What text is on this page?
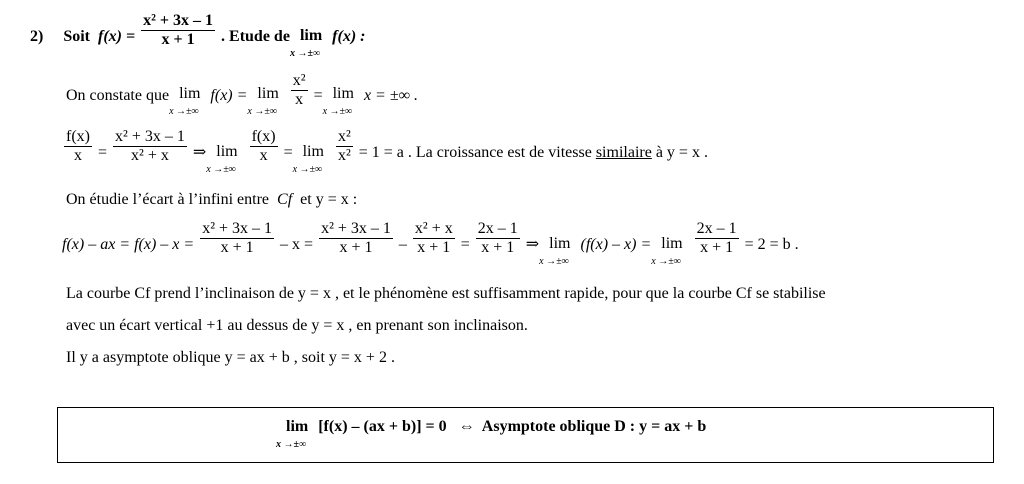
2) Soit $f(x) = \frac{\text{x² + 3x – 1}}{x + 1}$ . Etude de lim
x →±∞
f(x) :
On constate que lim
x →±∞
f(x) = lim
x →±∞

$\frac{\text{x²}}{x} = \lim$
x →±∞
x = ±∞ .
$\frac{f(x)}{x} = \frac{\text{x² + 3x – 1}}{\text{x² + x}}$ ⇒ lim
x →±∞

$\frac{f(x)}{x} = \lim$
x →±∞

$\frac{\text{x²}}{\text{x²}} = 1 = a$ . La croissance est de vitesse similaire à y = x .
On étudie l’écart à l’infini entre Cf et y = x :
f(x) – ax = $f(x) - x = \frac{\text{x² + 3x – 1}}{x + 1} - x = \frac{\text{x² + 3x – 1}}{x + 1} - \frac{\text{x² + x}}{x + 1} = \frac{2x - 1}{x + 1}$ ⇒ lim
x →±∞
(f(x) – x) = lim
x →±∞

$\frac{2x - 1}{x + 1} = 2 = b$ .
La courbe Cf prend l’inclinaison de y = x , et le phénomène est suffisamment rapide, pour que la courbe Cf se stabilise
avec un écart vertical +1 au dessus de y = x , en prenant son inclinaison.
Il y a asymptote oblique y = ax + b , soit y = x + 2 .
lim
x →±∞
[f(x) – (ax + b)] = 0 ⇔ Asymptote oblique D : y = ax + b
